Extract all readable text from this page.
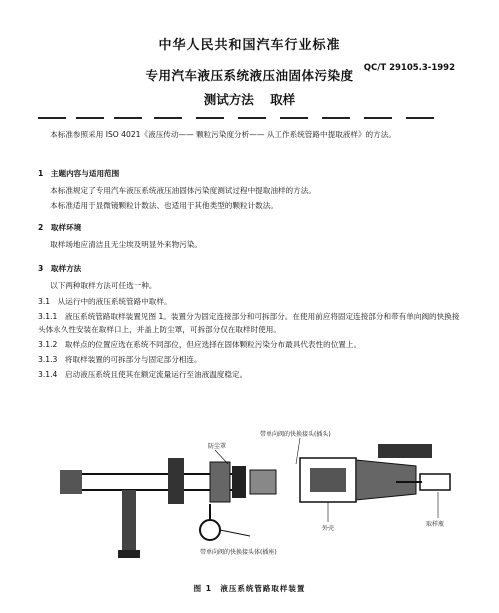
中华人民共和国汽车行业标准
QC/T 29105.3-1992
专用汽车液压系统液压油固体污染度
测试方法 取样
本标准参照采用 ISO 4021《液压传动—— 颗粒污染度分析—— 从工作系统管路中提取液样》的方法。
1　主题内容与适用范围
本标准规定了专用汽车液压系统液压油固体污染度测试过程中提取油样的方法。
本标准适用于显微镜颗粒计数法、也适用于其他类型的颗粒计数法。
2　取样环境
取样场地应清洁且无尘埃及明显外来物污染。
3　取样方法
以下两种取样方法可任选一种。
3.1　从运行中的液压系统管路中取样。
3.1.1　液压系统管路取样装置见图 1。装置分为固定连接部分和可拆部分。在使用前应将固定连接部分和带有单向阀的快换接头体永久性安装在取样口上，并盖上防尘罩，可拆部分仅在取样时使用。
3.1.2　取样点的位置应选在系统不同部位，但应选择在固体颗粒污染分布最具代表性的位置上。
3.1.3　将取样装置的可拆部分与固定部分相连。
3.1.4　启动液压系统且使其在额定流量运行至油液温度稳定。
防尘罩
带单向阀的快换接头(插头)
外壳
取样瓶
带单向阀的快换接头体(插座)
图 1　液压系统管路取样装置
